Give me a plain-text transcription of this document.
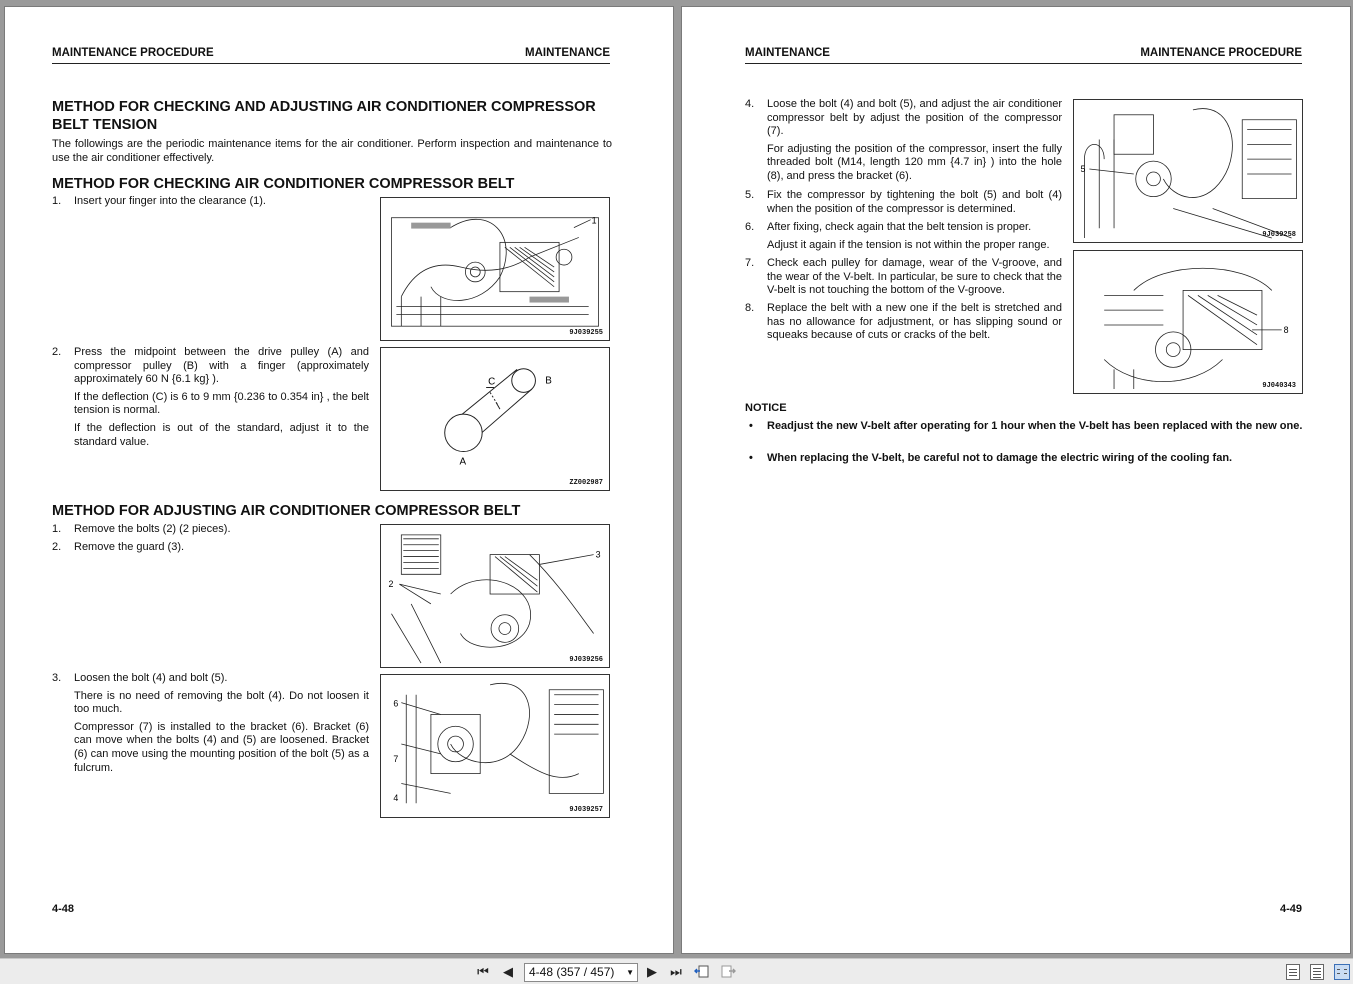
MAINTENANCE PROCEDURE	MAINTENANCE
METHOD FOR CHECKING AND ADJUSTING AIR CONDITIONER COMPRESSOR BELT TENSION
The followings are the periodic maintenance items for the air conditioner. Perform inspection and maintenance to use the air conditioner effectively.
METHOD FOR CHECKING AIR CONDITIONER COMPRESSOR BELT
1. Insert your finger into the clearance (1).
2. Press the midpoint between the drive pulley (A) and compressor pulley (B) with a finger (approximately approximately 60 N {6.1 kg} ).
If the deflection (C) is 6 to 9 mm {0.236 to 0.354 in} , the belt tension is normal.
If the deflection is out of the standard, adjust it to the standard value.
METHOD FOR ADJUSTING AIR CONDITIONER COMPRESSOR BELT
1. Remove the bolts (2) (2 pieces).
2. Remove the guard (3).
3. Loosen the bolt (4) and bolt (5).
There is no need of removing the bolt (4). Do not loosen it too much.
Compressor (7) is installed to the bracket (6). Bracket (6) can move when the bolts (4) and (5) are loosened. Bracket (6) can move using the mounting position of the bolt (5) as a fulcrum.
1
9J039255
B
C
A
ZZ002987
2
3
9J039256
6
7
4
9J039257
4-48
MAINTENANCE	MAINTENANCE PROCEDURE
4. Loose the bolt (4) and bolt (5), and adjust the air conditioner compressor belt by adjust the position of the compressor (7).
For adjusting the position of the compressor, insert the fully threaded bolt (M14, length 120 mm {4.7 in} ) into the hole (8), and press the bracket (6).
5. Fix the compressor by tightening the bolt (5) and bolt (4) when the position of the compressor is determined.
6. After fixing, check again that the belt tension is proper.
Adjust it again if the tension is not within the proper range.
7. Check each pulley for damage, wear of the V-groove, and the wear of the V-belt. In particular, be sure to check that the V-belt is not touching the bottom of the V-groove.
8. Replace the belt with a new one if the belt is stretched and has no allowance for adjustment, or has slipping sound or squeaks because of cuts or cracks of the belt.
5
9J039258
8
9J040343
NOTICE
• Readjust the new V-belt after operating for 1 hour when the V-belt has been replaced with the new one.
• When replacing the V-belt, be careful not to damage the electric wiring of the cooling fan.
4-49
⏮	◀	4-48 (357 / 457) ▼	▶	⏭
